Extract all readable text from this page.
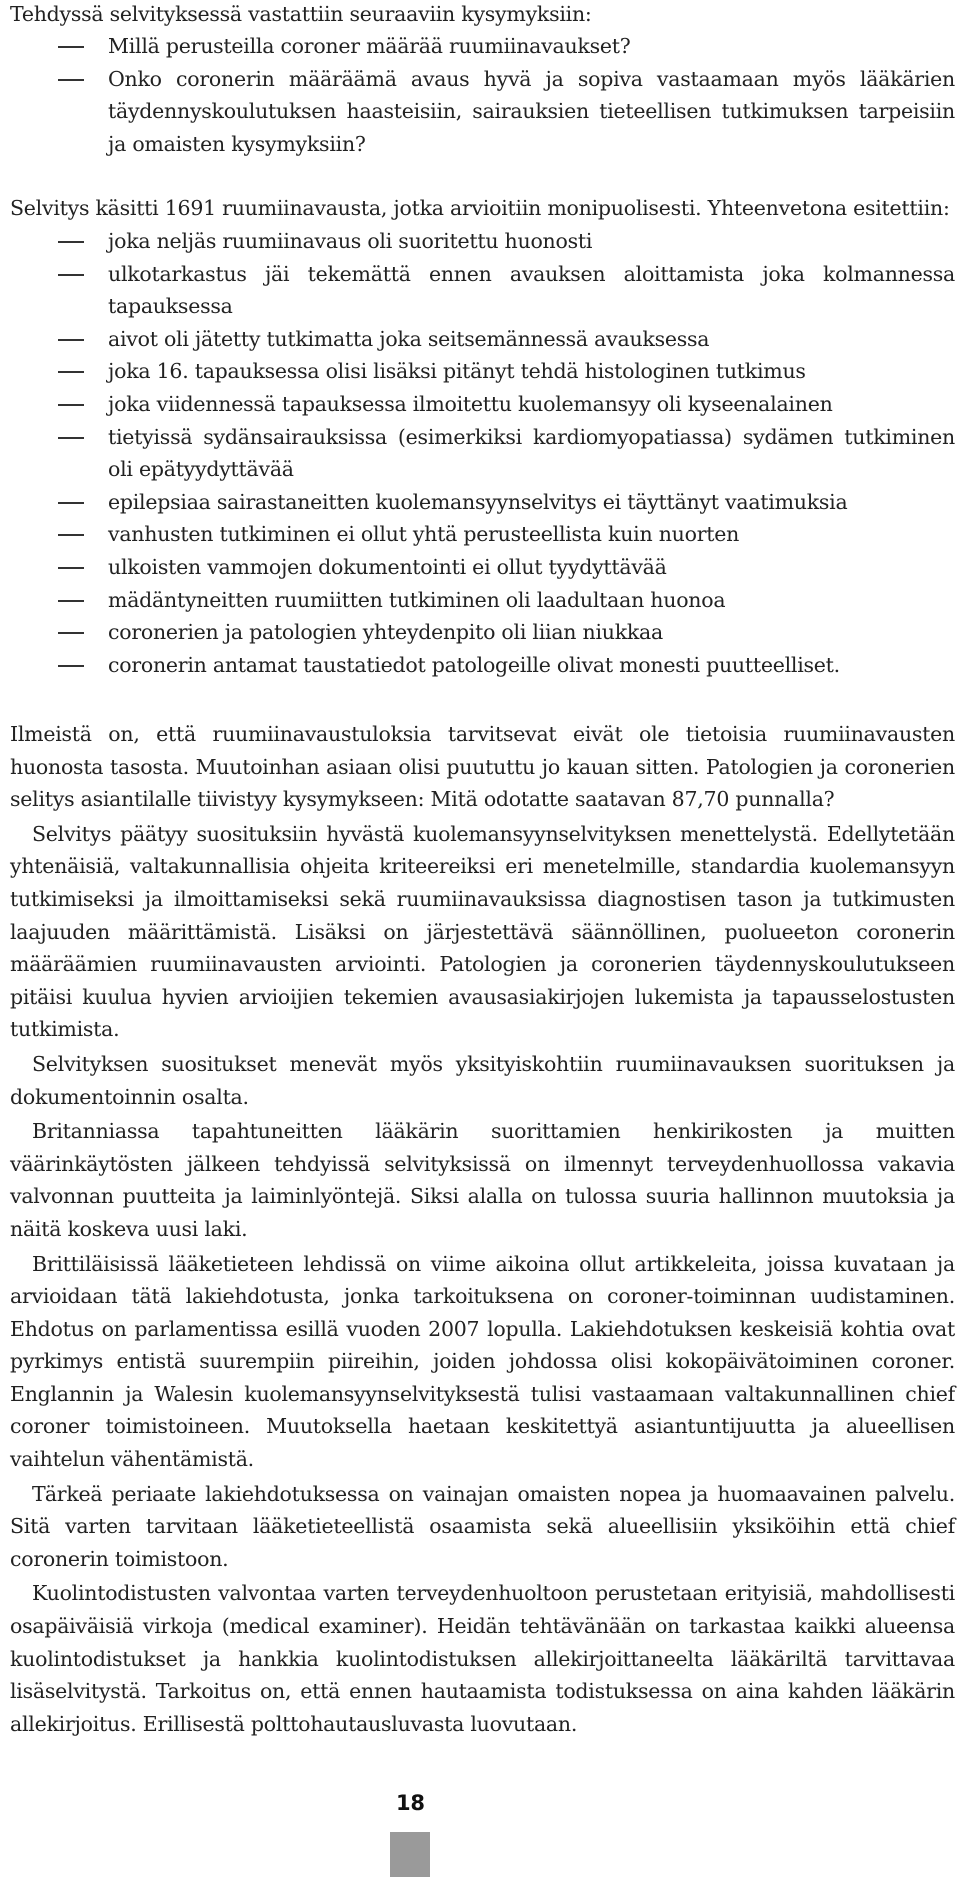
Tehdyssä selvityksessä vastattiin seuraaviin kysymyksiin:

Millä perusteilla coroner määrää ruumiinavaukset?
Onko coronerin määräämä avaus hyvä ja sopiva vastaamaan myös lääkärien täydennyskoulutuksen haasteisiin, sairauksien tieteellisen tutkimuksen tarpeisiin ja omaisten kysymyksiin?

Selvitys käsitti 1691 ruumiinavausta, jotka arvioitiin monipuolisesti. Yhteenvetona esitettiin:

joka neljäs ruumiinavaus oli suoritettu huonosti
ulkotarkastus jäi tekemättä ennen avauksen aloittamista joka kolmannessa tapauksessa
aivot oli jätetty tutkimatta joka seitsemännessä avauksessa
joka 16. tapauksessa olisi lisäksi pitänyt tehdä histologinen tutkimus
joka viidennessä tapauksessa ilmoitettu kuolemansyy oli kyseenalainen
tietyissä sydänsairauksissa (esimerkiksi kardiomyopatiassa) sydämen tutkiminen oli epätyydyttävää
epilepsiaa sairastaneitten kuolemansyynselvitys ei täyttänyt vaatimuksia
vanhusten tutkiminen ei ollut yhtä perusteellista kuin nuorten
ulkoisten vammojen dokumentointi ei ollut tyydyttävää
mädäntyneitten ruumiitten tutkiminen oli laadultaan huonoa
coronerien ja patologien yhteydenpito oli liian niukkaa
coronerin antamat taustatiedot patologeille olivat monesti puutteelliset.

Ilmeistä on, että ruumiinavaustuloksia tarvitsevat eivät ole tietoisia ruumiinavausten huonosta tasosta. Muutoinhan asiaan olisi puututtu jo kauan sitten. Patologien ja coronerien selitys asiantilalle tiivistyy kysymykseen: Mitä odotatte saatavan 87,70 punnalla?

Selvitys päätyy suosituksiin hyvästä kuolemansyynselvityksen menettelystä. Edellytetään yhtenäisiä, valtakunnallisia ohjeita kriteereiksi eri menetelmille, standardia kuolemansyyn tutkimiseksi ja ilmoittamiseksi sekä ruumiinavauksissa diagnostisen tason ja tutkimusten laajuuden määrittämistä. Lisäksi on järjestettävä säännöllinen, puolueeton coronerin määräämien ruumiinavausten arviointi. Patologien ja coronerien täydennyskoulutukseen pitäisi kuulua hyvien arvioijien tekemien avausasiakirjojen lukemista ja tapausselostusten tutkimista.

Selvityksen suositukset menevät myös yksityiskohtiin ruumiinavauksen suorituksen ja dokumentoinnin osalta.

Britanniassa tapahtuneitten lääkärin suorittamien henkirikosten ja muitten väärinkäytösten jälkeen tehdyissä selvityksissä on ilmennyt terveydenhuollossa vakavia valvonnan puutteita ja laiminlyöntejä. Siksi alalla on tulossa suuria hallinnon muutoksia ja näitä koskeva uusi laki.

Brittiläisissä lääketieteen lehdissä on viime aikoina ollut artikkeleita, joissa kuvataan ja arvioidaan tätä lakiehdotusta, jonka tarkoituksena on coroner-toiminnan uudistaminen. Ehdotus on parlamentissa esillä vuoden 2007 lopulla. Lakiehdotuksen keskeisiä kohtia ovat pyrkimys entistä suurempiin piireihin, joiden johdossa olisi kokopäivätoiminen coroner. Englannin ja Walesin kuolemansyynselvityksestä tulisi vastaamaan valtakunnallinen chief coroner toimistoineen. Muutoksella haetaan keskitettyä asiantuntijuutta ja alueellisen vaihtelun vähentämistä.

Tärkeä periaate lakiehdotuksessa on vainajan omaisten nopea ja huomaavainen palvelu. Sitä varten tarvitaan lääketieteellistä osaamista sekä alueellisiin yksiköihin että chief coronerin toimistoon.

Kuolintodistusten valvontaa varten terveydenhuoltoon perustetaan erityisiä, mahdollisesti osapäiväisiä virkoja (medical examiner). Heidän tehtävänään on tarkastaa kaikki alueensa kuolintodistukset ja hankkia kuolintodistuksen allekirjoittaneelta lääkäriltä tarvittavaa lisäselvitystä. Tarkoitus on, että ennen hautaamista todistuksessa on aina kahden lääkärin allekirjoitus. Erillisestä polttohautausluvasta luovutaan.

18
